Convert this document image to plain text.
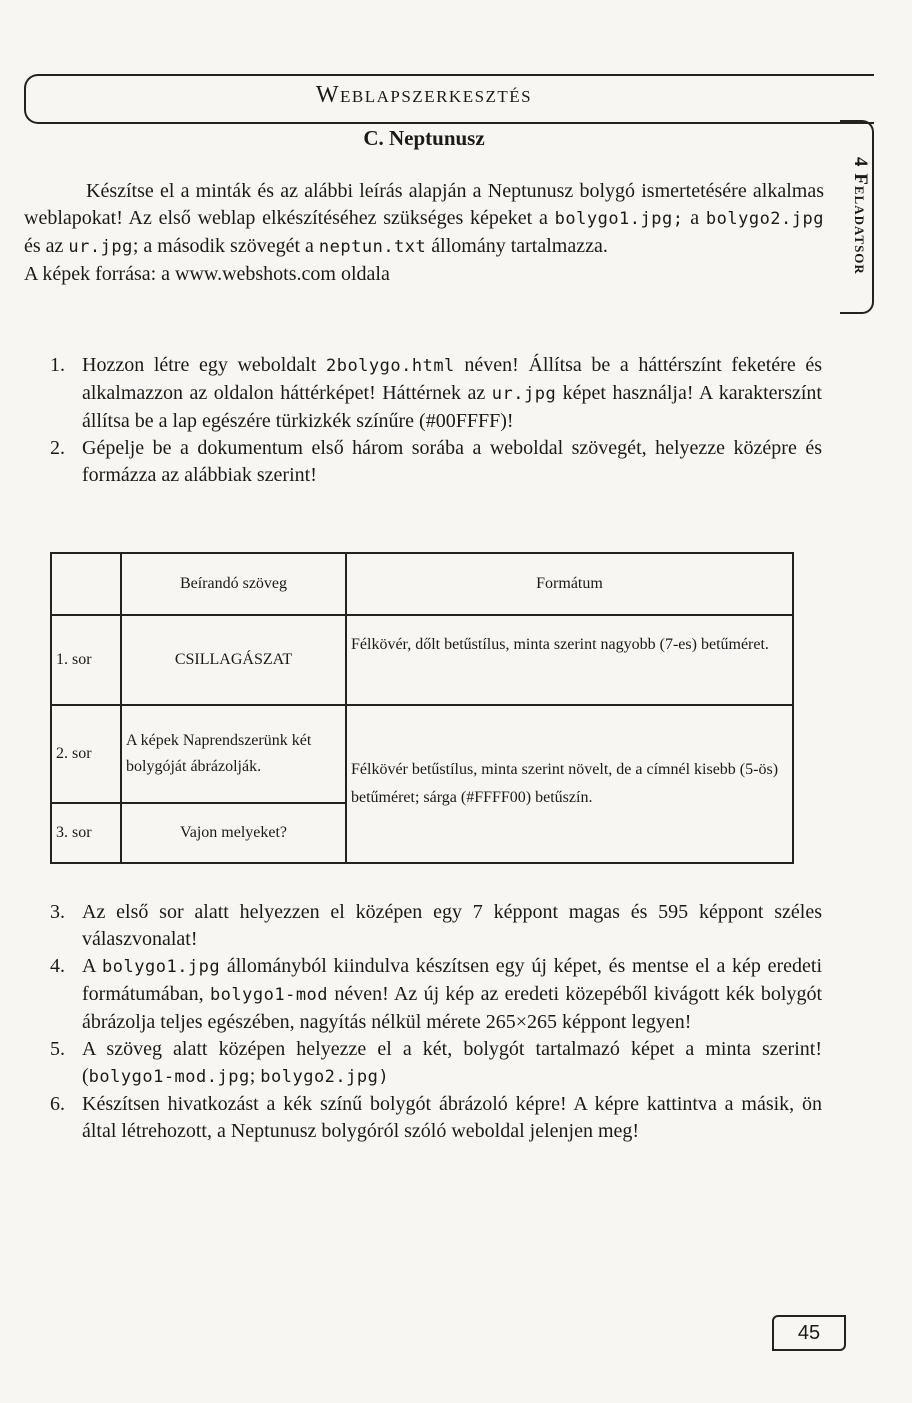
Weblapszerkesztés
4 Feladatsor
C. Neptunusz

Készítse el a minták és az alábbi leírás alapján a Neptunusz bolygó ismertetésére alkalmas weblapokat! Az első weblap elkészítéséhez szükséges képeket a bolygo1.jpg; a bolygo2.jpg és az ur.jpg; a második szövegét a neptun.txt állomány tartalmazza.

A képek forrása: a www.webshots.com oldala

1. Hozzon létre egy weboldalt 2bolygo.html néven! Állítsa be a háttérszínt feketére és alkalmazzon az oldalon háttérképet! Háttérnek az ur.jpg képet használja! A karakterszínt állítsa be a lap egészére türkizkék színűre (#00FFFF)!
2. Gépelje be a dokumentum első három sorába a weboldal szövegét, helyezze középre és formázza az alábbiak szerint!
	Beírandó szöveg	Formátum
1. sor	CSILLAGÁSZAT	Félkövér, dőlt betűstílus, minta szerint nagyobb (7-es) betűméret.
2. sor	A képek Naprendszerünk két bolygóját ábrázolják.	Félkövér betűstílus, minta szerint növelt, de a címnél kisebb (5-ös) betűméret; sárga (#FFFF00) betűszín.
3. sor	Vajon melyeket?	
3. Az első sor alatt helyezzen el középen egy 7 képpont magas és 595 képpont széles válaszvonalat!
4. A bolygo1.jpg állományból kiindulva készítsen egy új képet, és mentse el a kép eredeti formátumában, bolygo1-mod néven! Az új kép az eredeti közepéből kivágott kék bolygót ábrázolja teljes egészében, nagyítás nélkül mérete 265×265 képpont legyen!
5. A szöveg alatt középen helyezze el a két, bolygót tartalmazó képet a minta szerint! (bolygo1-mod.jpg; bolygo2.jpg)
6. Készítsen hivatkozást a kék színű bolygót ábrázoló képre! A képre kattintva a másik, ön által létrehozott, a Neptunusz bolygóról szóló weboldal jelenjen meg!
45
